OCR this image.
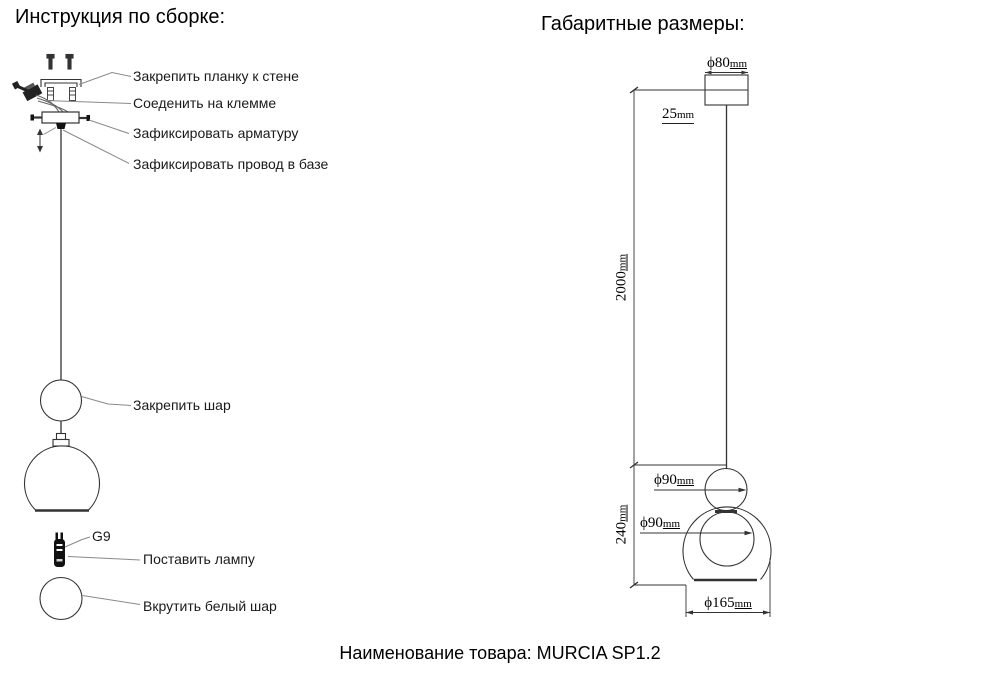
Инструкция по сборке:	Габаритные размеры:
Закрепить планку к стене
Соеденить на клемме
Зафиксировать арматуру
Зафиксировать провод в базе
Закрепить шар
G9
Поставить лампу
Вкрутить белый шар
ϕ80mm
25mm
2000mm
ϕ90mm
240mm
ϕ90mm
ϕ165mm
Наименование товара: MURCIA SP1.2
